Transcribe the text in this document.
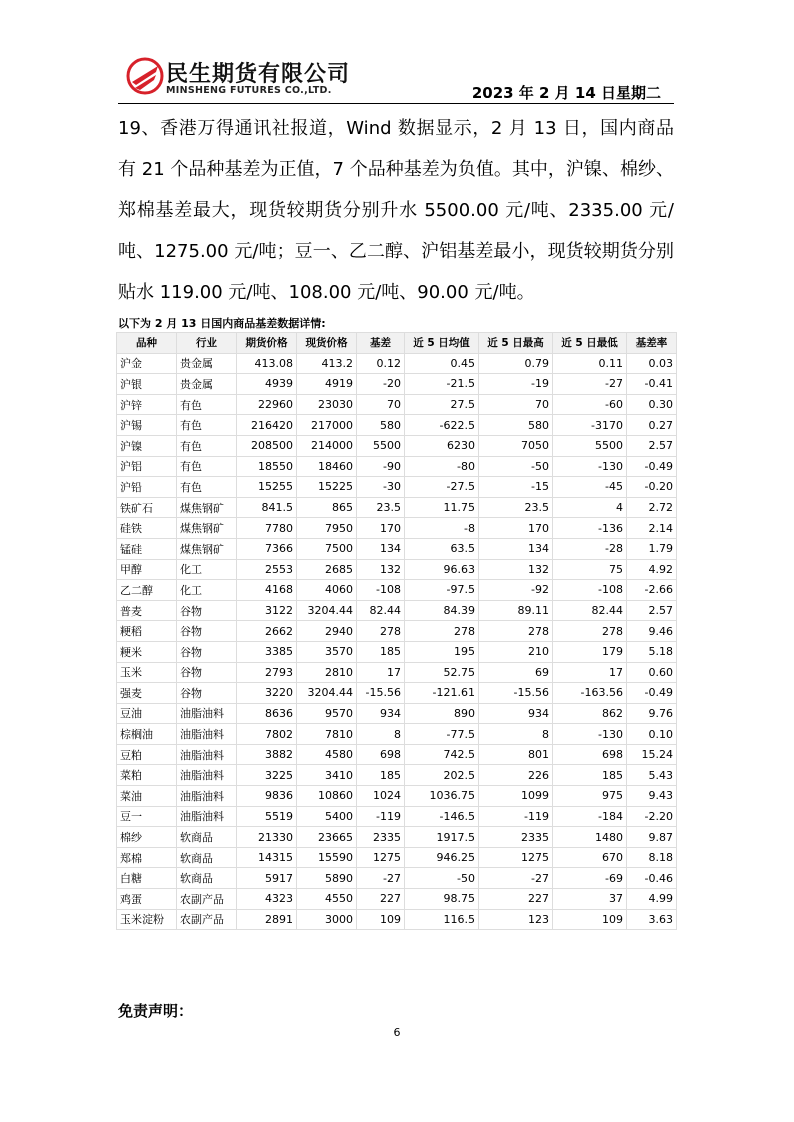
民生期货有限公司
MINSHENG FUTURES CO.,LTD.	2023 年 2 月 14 日星期二
19、香港万得通讯社报道，Wind 数据显示，2 月 13 日，国内商品有 21 个品种基差为正值，7 个品种基差为负值。其中，沪镍、棉纱、郑棉基差最大，现货较期货分别升水 5500.00 元/吨、2335.00 元/吨、1275.00 元/吨；豆一、乙二醇、沪铝基差最小，现货较期货分别贴水 119.00 元/吨、108.00 元/吨、90.00 元/吨。
以下为 2 月 13 日国内商品基差数据详情:
品种	行业	期货价格	现货价格	基差	近 5 日均值	近 5 日最高	近 5 日最低	基差率
沪金	贵金属	413.08	413.2	0.12	0.45	0.79	0.11	0.03
沪银	贵金属	4939	4919	-20	-21.5	-19	-27	-0.41
沪锌	有色	22960	23030	70	27.5	70	-60	0.30
沪锡	有色	216420	217000	580	-622.5	580	-3170	0.27
沪镍	有色	208500	214000	5500	6230	7050	5500	2.57
沪铝	有色	18550	18460	-90	-80	-50	-130	-0.49
沪铅	有色	15255	15225	-30	-27.5	-15	-45	-0.20
铁矿石	煤焦钢矿	841.5	865	23.5	11.75	23.5	4	2.72
硅铁	煤焦钢矿	7780	7950	170	-8	170	-136	2.14
锰硅	煤焦钢矿	7366	7500	134	63.5	134	-28	1.79
甲醇	化工	2553	2685	132	96.63	132	75	4.92
乙二醇	化工	4168	4060	-108	-97.5	-92	-108	-2.66
普麦	谷物	3122	3204.44	82.44	84.39	89.11	82.44	2.57
粳稻	谷物	2662	2940	278	278	278	278	9.46
粳米	谷物	3385	3570	185	195	210	179	5.18
玉米	谷物	2793	2810	17	52.75	69	17	0.60
强麦	谷物	3220	3204.44	-15.56	-121.61	-15.56	-163.56	-0.49
豆油	油脂油料	8636	9570	934	890	934	862	9.76
棕榈油	油脂油料	7802	7810	8	-77.5	8	-130	0.10
豆粕	油脂油料	3882	4580	698	742.5	801	698	15.24
菜粕	油脂油料	3225	3410	185	202.5	226	185	5.43
菜油	油脂油料	9836	10860	1024	1036.75	1099	975	9.43
豆一	油脂油料	5519	5400	-119	-146.5	-119	-184	-2.20
棉纱	软商品	21330	23665	2335	1917.5	2335	1480	9.87
郑棉	软商品	14315	15590	1275	946.25	1275	670	8.18
白糖	软商品	5917	5890	-27	-50	-27	-69	-0.46
鸡蛋	农副产品	4323	4550	227	98.75	227	37	4.99
玉米淀粉	农副产品	2891	3000	109	116.5	123	109	3.63
免责声明：
6
